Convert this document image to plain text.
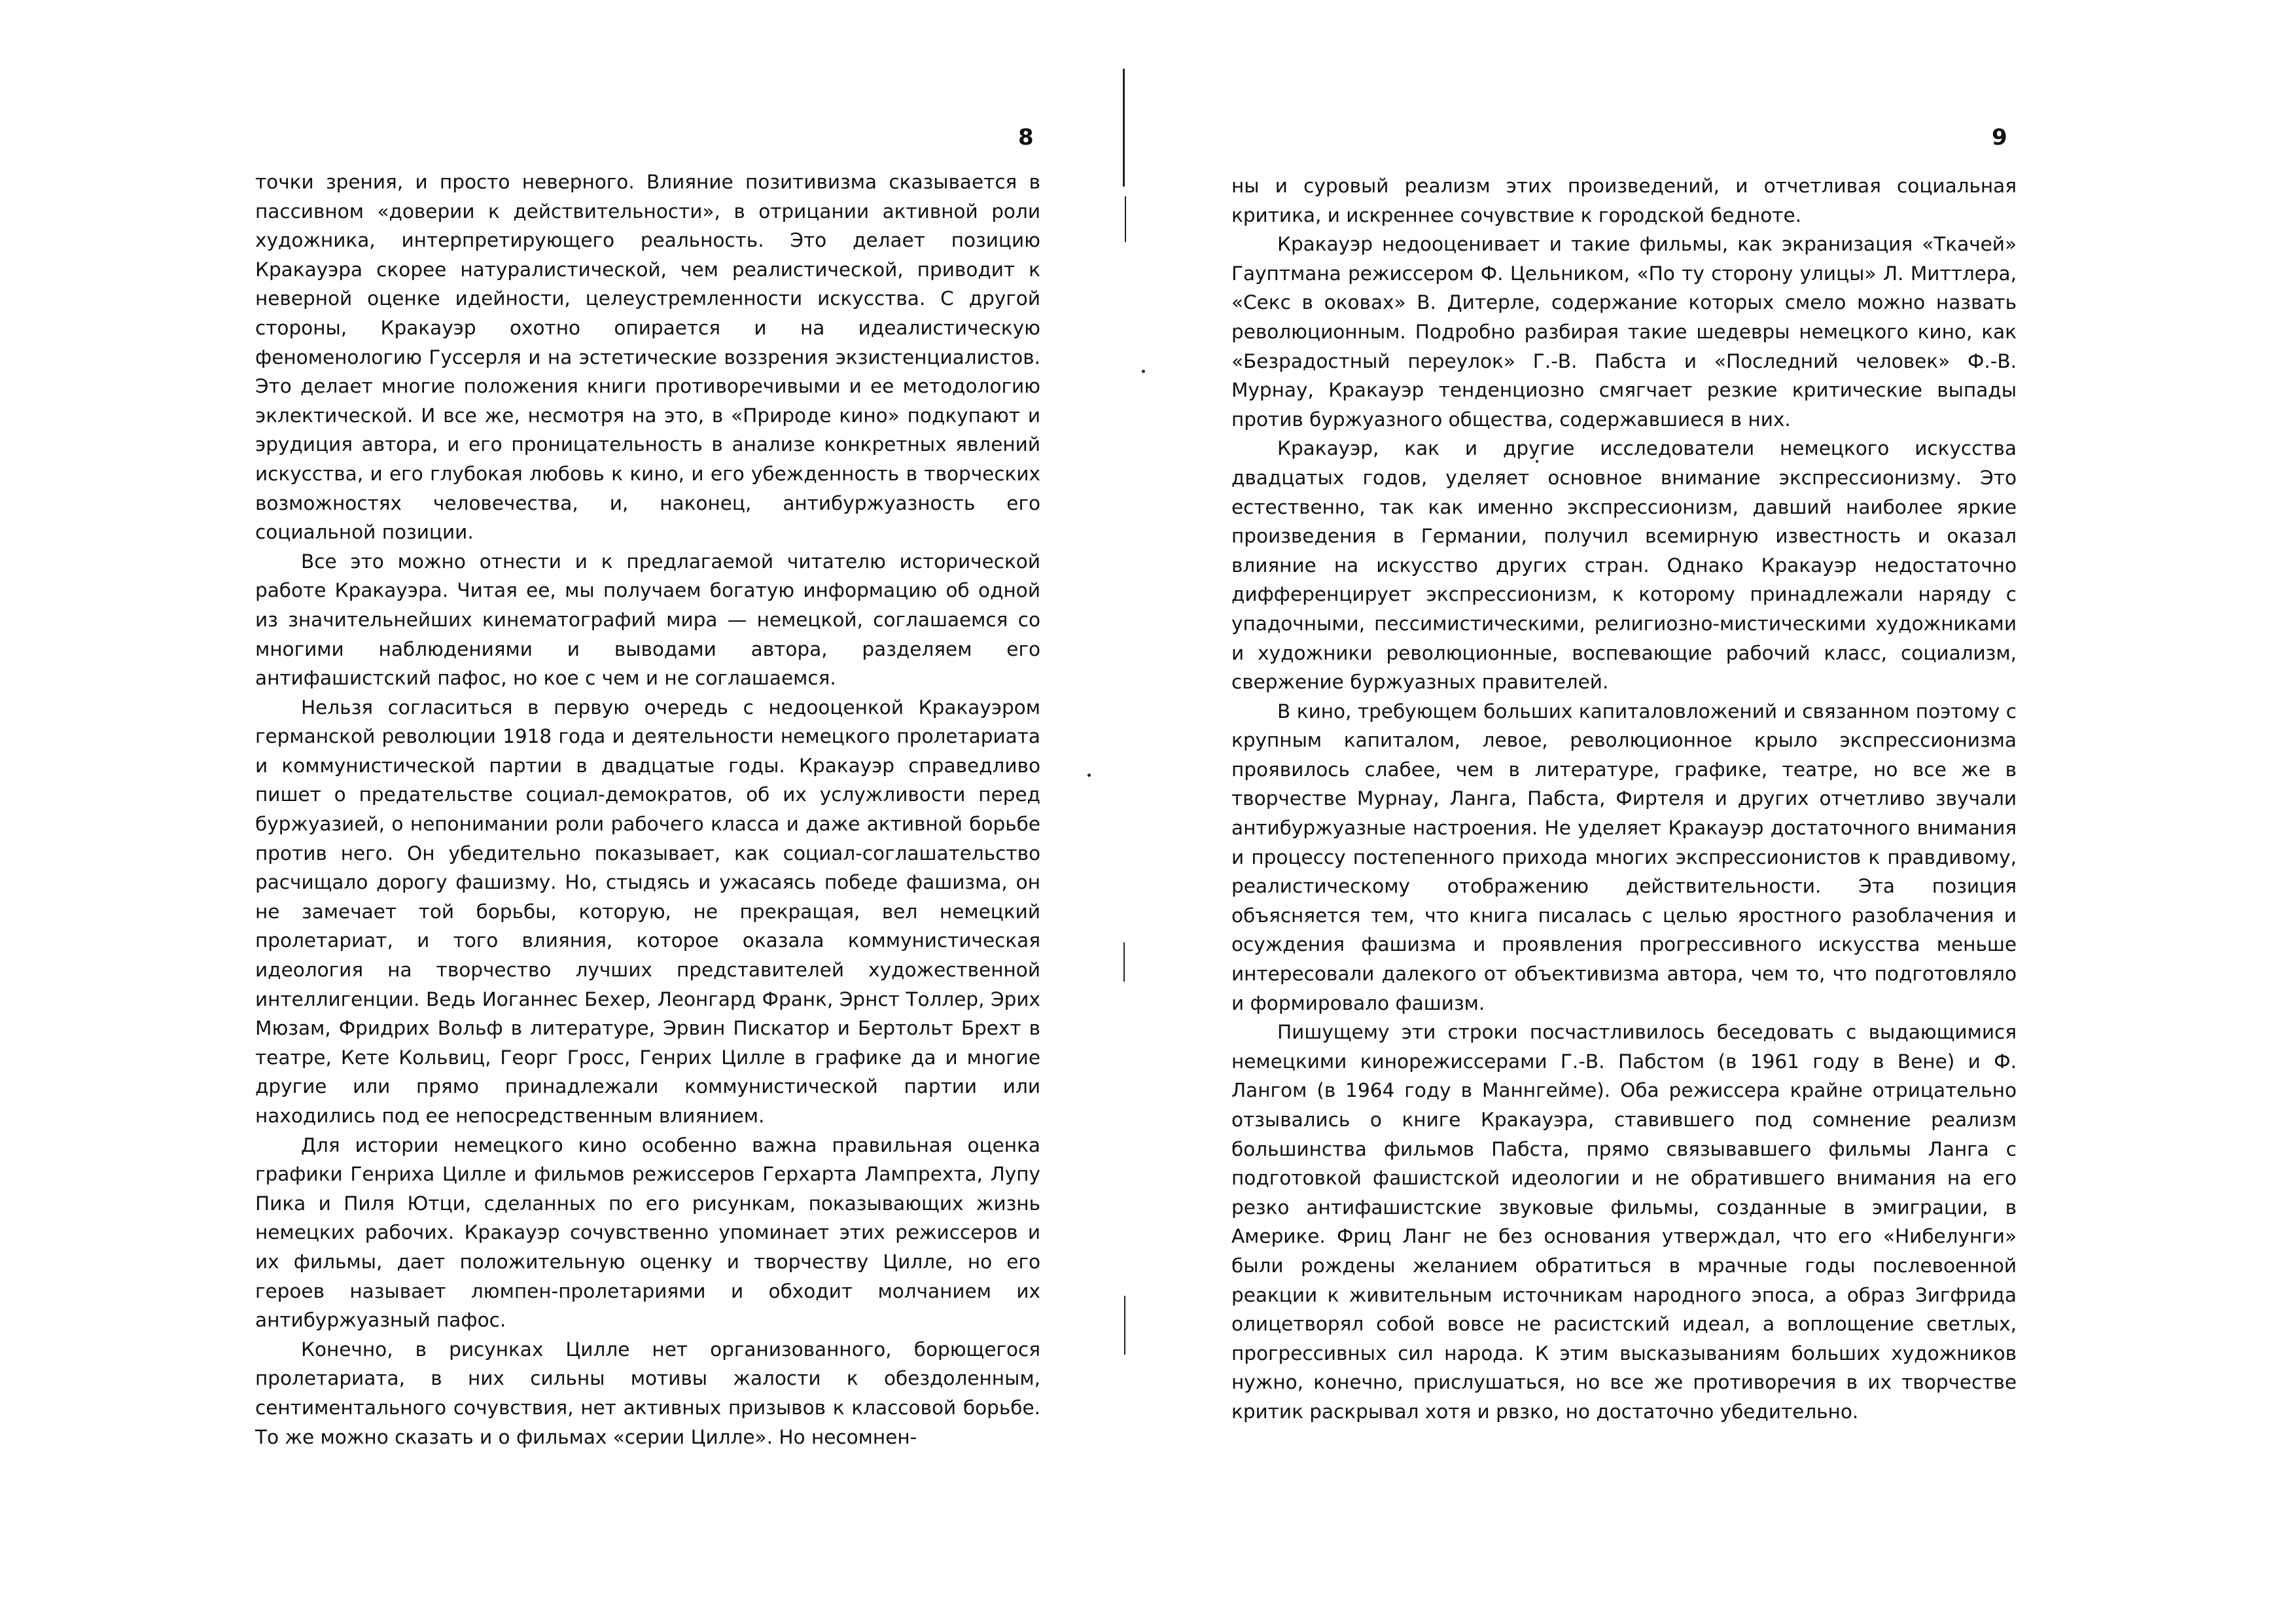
8

точки зрения, и просто неверного. Влияние позитивизма сказывается в пассивном «доверии к действительности», в отрицании активной роли художника, интерпретирующего реальность. Это делает позицию Кракауэра скорее натуралистической, чем реалистической, приводит к неверной оценке идейности, целеустремленности искусства. С другой стороны, Кракауэр охотно опирается и на идеалистическую феноменологию Гуссерля и на эстетические воззрения экзистенциалистов. Это делает многие положения книги противоречивыми и ее методологию эклектической. И все же, несмотря на это, в «Природе кино» подкупают и эрудиция автора, и его проницательность в анализе конкретных явлений искусства, и его глубокая любовь к кино, и его убежденность в творческих возможностях человечества, и, наконец, антибуржуазность его социальной позиции.

Все это можно отнести и к предлагаемой читателю исторической работе Кракауэра. Читая ее, мы получаем богатую информацию об одной из значительнейших кинематографий мира — немецкой, соглашаемся со многими наблюдениями и выводами автора, разделяем его антифашистский пафос, но кое с чем и не соглашаемся.

Нельзя согласиться в первую очередь с недооценкой Кракауэром германской революции 1918 года и деятельности немецкого пролетариата и коммунистической партии в двадцатые годы. Кракауэр справедливо пишет о предательстве социал-демократов, об их услужливости перед буржуазией, о непонимании роли рабочего класса и даже активной борьбе против него. Он убедительно показывает, как социал-соглашательство расчищало дорогу фашизму. Но, стыдясь и ужасаясь победе фашизма, он не замечает той борьбы, которую, не прекращая, вел немецкий пролетариат, и того влияния, которое оказала коммунистическая идеология на творчество лучших представителей художественной интеллигенции. Ведь Иоганнес Бехер, Леонгард Франк, Эрнст Толлер, Эрих Мюзам, Фридрих Вольф в литературе, Эрвин Пискатор и Бертольт Брехт в театре, Кете Кольвиц, Георг Гросс, Генрих Цилле в графике да и многие другие или прямо принадлежали коммунистической партии или находились под ее непосредственным влиянием.

Для истории немецкого кино особенно важна правильная оценка графики Генриха Цилле и фильмов режиссеров Герхарта Лампрехта, Лупу Пика и Пиля Ютци, сделанных по его рисункам, показывающих жизнь немецких рабочих. Кракауэр сочувственно упоминает этих режиссеров и их фильмы, дает положительную оценку и творчеству Цилле, но его героев называет люмпен-пролетариями и обходит молчанием их антибуржуазный пафос.

Конечно, в рисунках Цилле нет организованного, борющегося пролетариата, в них сильны мотивы жалости к обездоленным, сентиментального сочувствия, нет активных призывов к классовой борьбе. То же можно сказать и о фильмах «серии Цилле». Но несомнен-

9

ны и суровый реализм этих произведений, и отчетливая социальная критика, и искреннее сочувствие к городской бедноте.

Кракауэр недооценивает и такие фильмы, как экранизация «Ткачей» Гауптмана режиссером Ф. Цельником, «По ту сторону улицы» Л. Миттлера, «Секс в оковах» В. Дитерле, содержание которых смело можно назвать революционным. Подробно разбирая такие шедевры немецкого кино, как «Безрадостный переулок» Г.-В. Пабста и «Последний человек» Ф.-В. Мурнау, Кракауэр тенденциозно смягчает резкие критические выпады против буржуазного общества, содержавшиеся в них.

Кракауэр, как и другие исследователи немецкого искусства двадцатых годов, уделяет основное внимание экспрессионизму. Это естественно, так как именно экспрессионизм, давший наиболее яркие произведения в Германии, получил всемирную известность и оказал влияние на искусство других стран. Однако Кракауэр недостаточно дифференцирует экспрессионизм, к которому принадлежали наряду с упадочными, пессимистическими, религиозно-мистическими художниками и художники революционные, воспевающие рабочий класс, социализм, свержение буржуазных правителей.

В кино, требующем больших капиталовложений и связанном поэтому с крупным капиталом, левое, революционное крыло экспрессионизма проявилось слабее, чем в литературе, графике, театре, но все же в творчестве Мурнау, Ланга, Пабста, Фиртеля и других отчетливо звучали антибуржуазные настроения. Не уделяет Кракауэр достаточного внимания и процессу постепенного прихода многих экспрессионистов к правдивому, реалистическому отображению действительности. Эта позиция объясняется тем, что книга писалась с целью яростного разоблачения и осуждения фашизма и проявления прогрессивного искусства меньше интересовали далекого от объективизма автора, чем то, что подготовляло и формировало фашизм.

Пишущему эти строки посчастливилось беседовать с выдающимися немецкими кинорежиссерами Г.-В. Пабстом (в 1961 году в Вене) и Ф. Лангом (в 1964 году в Маннгейме). Оба режиссера крайне отрицательно отзывались о книге Кракауэра, ставившего под сомнение реализм большинства фильмов Пабста, прямо связывавшего фильмы Ланга с подготовкой фашистской идеологии и не обратившего внимания на его резко антифашистские звуковые фильмы, созданные в эмиграции, в Америке. Фриц Ланг не без основания утверждал, что его «Нибелунги» были рождены желанием обратиться в мрачные годы послевоенной реакции к живительным источникам народного эпоса, а образ Зигфрида олицетворял собой вовсе не расистский идеал, а воплощение светлых, прогрессивных сил народа. К этим высказываниям больших художников нужно, конечно, прислушаться, но все же противоречия в их творчестве критик раскрывал хотя и рвзко, но достаточно убедительно.
